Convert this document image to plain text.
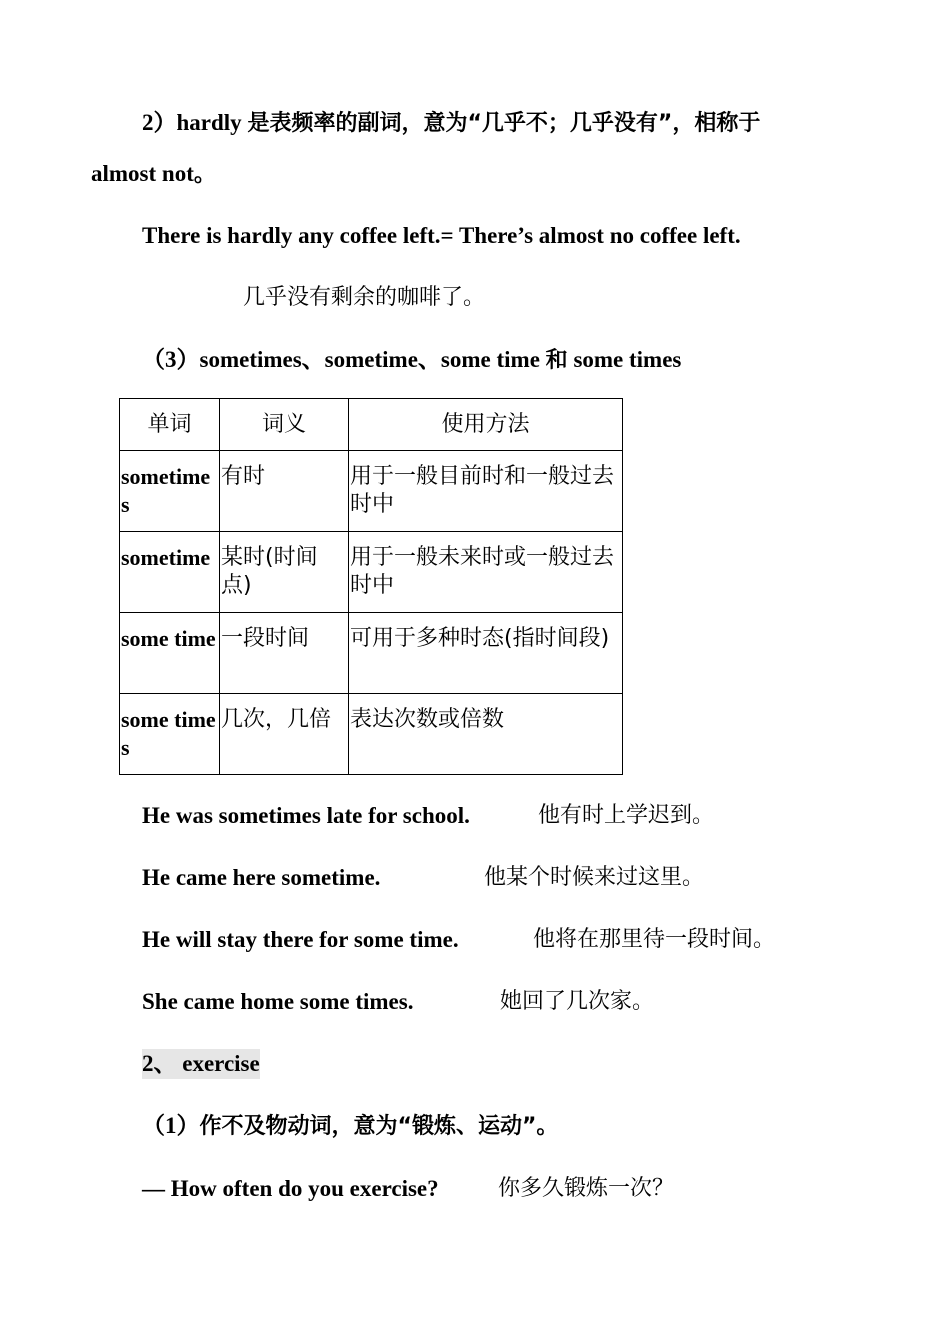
2）hardly 是表频率的副词，意为“几乎不；几乎没有”，相称于
almost not。
There is hardly any coffee left.= There’s almost no coffee left.
几乎没有剩余的咖啡了。
（3）sometimes、sometime、some time 和 some times
单词	词义	使用方法
sometimes	有时	用于一般目前时和一般过去时中
sometime	某时(时间点)	用于一般未来时或一般过去时中
some time	一段时间	可用于多种时态(指时间段)
some times	几次，几倍	表达次数或倍数
He was sometimes late for school.	他有时上学迟到。
He came here sometime.	他某个时候来过这里。
He will stay there for some time.	他将在那里待一段时间。
She came home some times.	她回了几次家。
2、 exercise
（1）作不及物动词，意为“锻炼、运动”。
— How often do you exercise?	你多久锻炼一次？
